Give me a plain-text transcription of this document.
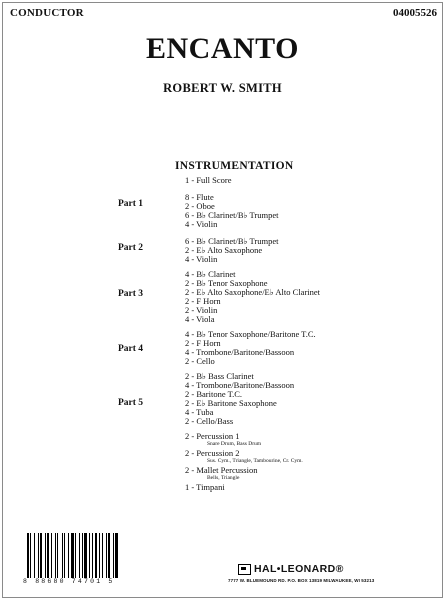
CONDUCTOR	04005526
ENCANTO
ROBERT W. SMITH
INSTRUMENTATION
Part 1
Part 2
Part 3
Part 4
Part 5
1 - Full Score
8 - Flute
2 - Oboe
6 - B♭ Clarinet/B♭ Trumpet
4 - Violin
6 - B♭ Clarinet/B♭ Trumpet
2 - E♭ Alto Saxophone
4 - Violin
4 - B♭ Clarinet
2 - B♭ Tenor Saxophone
2 - E♭ Alto Saxophone/E♭ Alto Clarinet
2 - F Horn
2 - Violin
4 - Viola
4 - B♭ Tenor Saxophone/Baritone T.C.
2 - F Horn
4 - Trombone/Baritone/Bassoon
2 - Cello
2 - B♭ Bass Clarinet
4 - Trombone/Baritone/Bassoon
2 - Baritone T.C.
2 - E♭ Baritone Saxophone
4 - Tuba
2 - Cello/Bass
2 - Percussion 1
Snare Drum, Bass Drum
2 - Percussion 2
Sus. Cym., Triangle, Tambourine, Cr. Cym.
2 - Mallet Percussion
Bells, Triangle
1 - Timpani
8 88680 74701 5
HAL•LEONARD®
7777 W. BLUEMOUND RD. P.O. BOX 13819 MILWAUKEE, WI 53213
